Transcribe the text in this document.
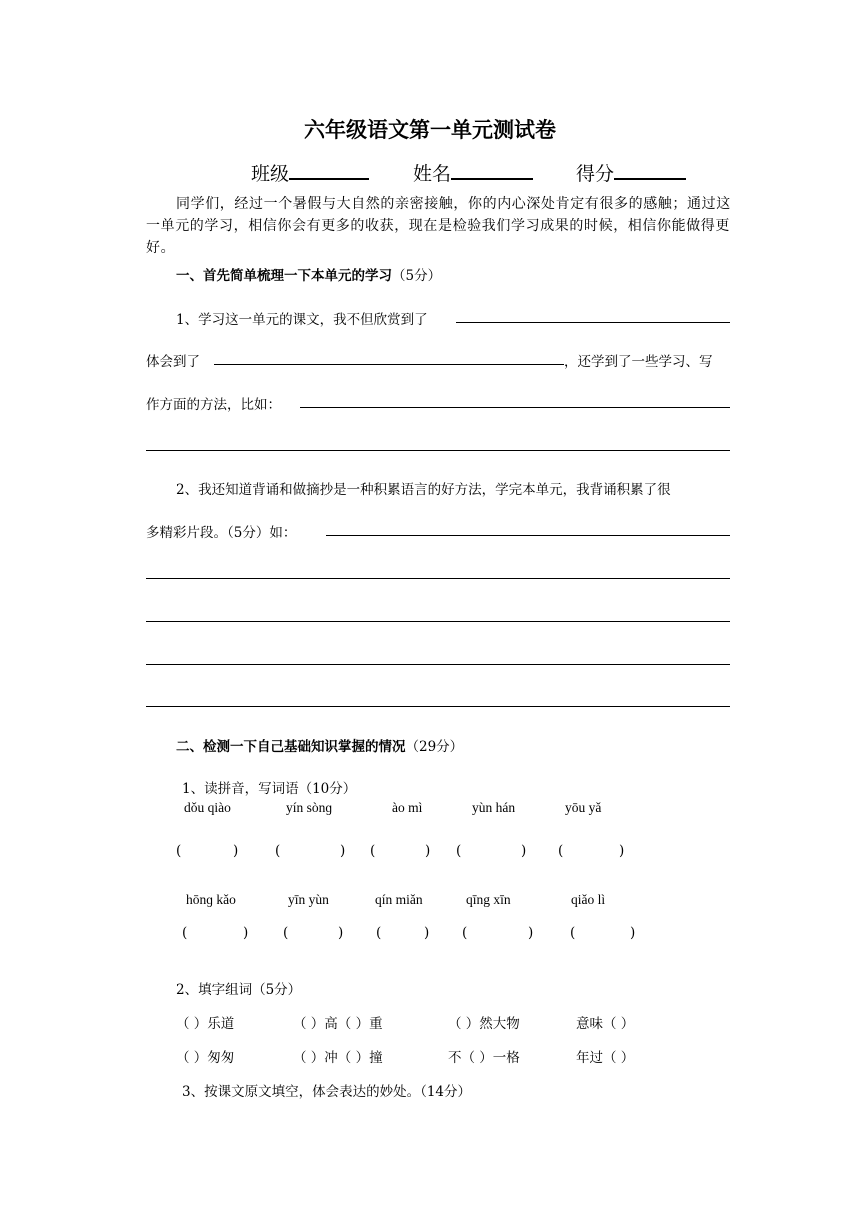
六年级语文第一单元测试卷
班级	姓名	得分
同学们，经过一个暑假与大自然的亲密接触，你的内心深处肯定有很多的感触；通过这一单元的学习，相信你会有更多的收获，现在是检验我们学习成果的时候，相信你能做得更好。
一、首先简单梳理一下本单元的学习（5分）
1、学习这一单元的课文，我不但欣赏到了
体会到了	，还学到了一些学习、写
作方面的方法，比如：
2、我还知道背诵和做摘抄是一种积累语言的好方法，学完本单元，我背诵积累了很
多精彩片段。（5分）如：
二、检测一下自己基础知识掌握的情况（29分）
1、读拼音，写词语（10分）
dǒu qiào	yín sònɡ	ào mì	yùn hán	yōu yǎ
(	)	(	) (	) (	) (	)
hōnɡ kǎo	yīn yùn	qín miǎn	qīng xīn	qiǎo lì
(	)	(	) (	) (	)	(	)
2、填字组词（5分）
（ ）乐道	（ ）高（ ）重	（ ）然大物	意味（ ）
（ ）匆匆	（ ）冲（ ）撞	不（ ）一格	年过（ ）
3、按课文原文填空，体会表达的妙处。（14分）
